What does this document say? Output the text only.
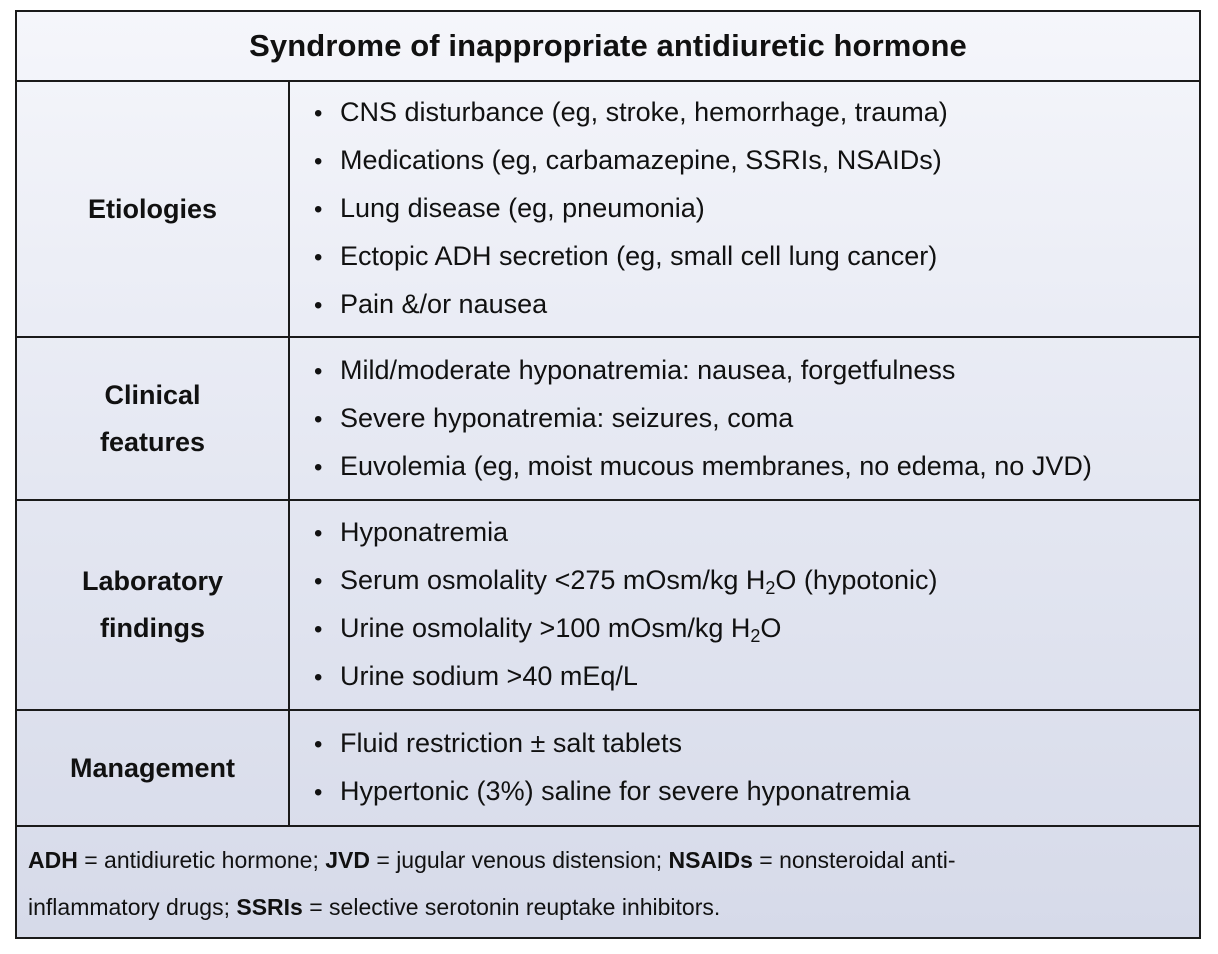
Syndrome of inappropriate antidiuretic hormone
Etiologies
• CNS disturbance (eg, stroke, hemorrhage, trauma)
• Medications (eg, carbamazepine, SSRIs, NSAIDs)
• Lung disease (eg, pneumonia)
• Ectopic ADH secretion (eg, small cell lung cancer)
• Pain &/or nausea
Clinical
features
• Mild/moderate hyponatremia: nausea, forgetfulness
• Severe hyponatremia: seizures, coma
• Euvolemia (eg, moist mucous membranes, no edema, no JVD)
Laboratory
findings
• Hyponatremia
• Serum osmolality <275 mOsm/kg $H_2O$ (hypotonic)
• Urine osmolality >100 mOsm/kg $H_2O$
• Urine sodium >40 mEq/L
Management
• Fluid restriction ± salt tablets
• Hypertonic (3%) saline for severe hyponatremia
ADH = antidiuretic hormone; JVD = jugular venous distension; NSAIDs = nonsteroidal anti-
inflammatory drugs; SSRIs = selective serotonin reuptake inhibitors.
